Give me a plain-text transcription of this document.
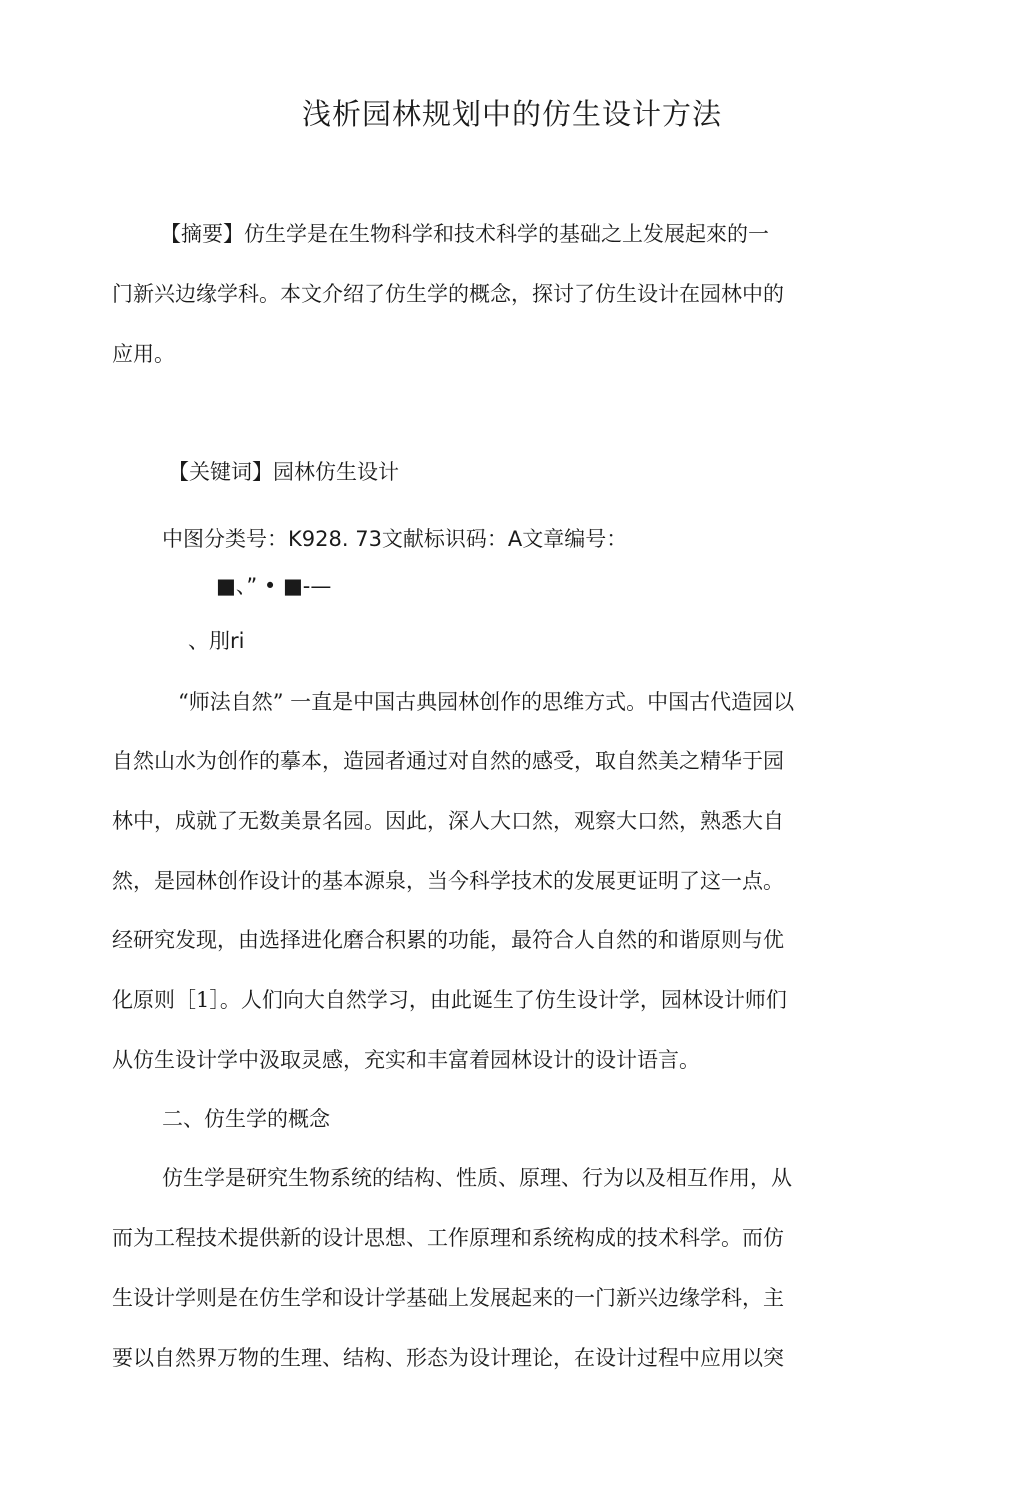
浅析园林规划中的仿生设计方法
【摘要】仿生学是在生物科学和技术科学的基础之上发展起來的一
门新兴边缘学科。本文介绍了仿生学的概念，探讨了仿生设计在园林中的
应用。
【关键词】园林仿生设计
中图分类号：K928. 73文献标识码：A文章编号：
■、” • ■-—
、刖ri
“师法自然” 一直是中国古典园林创作的思维方式。中国古代造园以
自然山水为创作的摹本，造园者通过对自然的感受，取自然美之精华于园
林中，成就了无数美景名园。因此，深人大口然，观察大口然，熟悉大自
然，是园林创作设计的基本源泉，当今科学技术的发展更证明了这一点。
经研究发现，由选择进化磨合积累的功能，最符合人自然的和谐原则与优
化原则［1］。人们向大自然学习，由此诞生了仿生设计学，园林设计师们
从仿生设计学中汲取灵感，充实和丰富着园林设计的设计语言。
二、仿生学的概念
仿生学是研究生物系统的结构、性质、原理、行为以及相互作用，从
而为工程技术提供新的设计思想、工作原理和系统构成的技术科学。而仿
生设计学则是在仿生学和设计学基础上发展起来的一门新兴边缘学科，主
要以自然界万物的生理、结构、形态为设计理论，在设计过程中应用以突
